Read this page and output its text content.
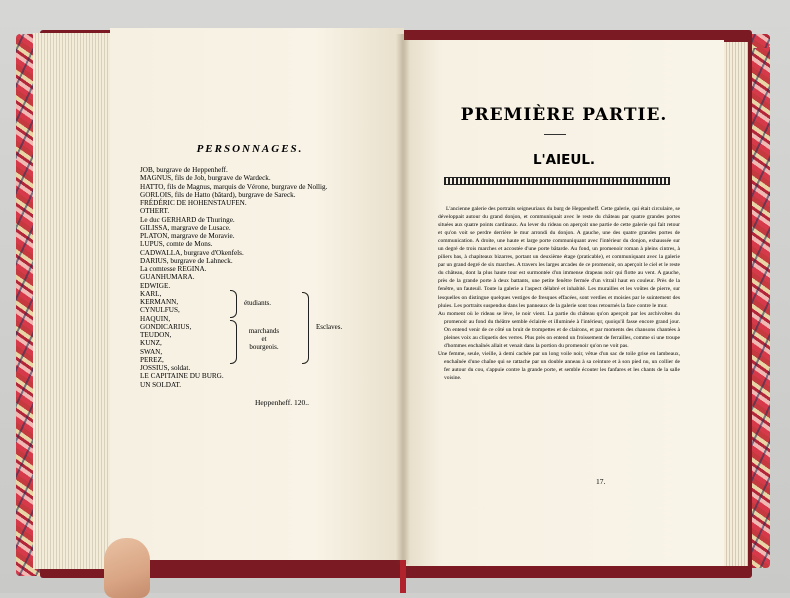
PERSONNAGES.
JOB, burgrave de Heppenheff.
MAGNUS, fils de Job, burgrave de Wardeck.
HATTO, fils de Magnus, marquis de Vérone, burgrave de Nollig.
GORLOIS, fils de Hatto (bâtard), burgrave de Sareck.
FRÉDÉRIC DE HOHENSTAUFEN.
OTHERT.
Le duc GERHARD de Thuringe.
GILISSA, margrave de Lusace.
PLATON, margrave de Moravie.
LUPUS, comte de Mons.
CADWALLA, burgrave d'Okenfels.
DARIUS, burgrave de Lahneck.
La comtesse REGINA.
GUANHUMARA.
EDWIGE.
KARL,
KERMANN,
CYNULFUS,
HAQUIN,
GONDICARIUS,
TEUDON,
KUNZ,
SWAN,
PEREZ,
JOSSIUS, soldat.
LE CAPITAINE DU BURG.
UN SOLDAT.
étudiants.
marchands
et
bourgeois.
Esclaves.
Heppenheff. 120..
PREMIÈRE PARTIE.
L'AIEUL.

L'ancienne galerie des portraits seigneuriaux du burg de Heppenheff. Cette galerie, qui était circulaire, se développait autour du grand donjon, et communiquait avec le reste du château par quatre grandes portes situées aux quatre points cardinaux. Au lever du rideau on aperçoit une partie de cette galerie qui fait retour et qu'on voit se perdre derrière le mur arrondi du donjon. A gauche, une des quatre grandes portes de communication. A droite, une haute et large porte communiquant avec l'intérieur du donjon, exhaussée sur un degré de trois marches et accostée d'une porte bâtarde. Au fond, un promenoir roman à pleins cintres, à piliers bas, à chapiteaux bizarres, portant un deuxième étage (praticable), et communiquant avec la galerie par un grand degré de six marches. A travers les larges arcades de ce promenoir, on aperçoit le ciel et le reste du château, dont la plus haute tour est surmontée d'un immense drapeau noir qui flotte au vent. A gauche, près de la grande porte à deux battants, une petite fenêtre fermée d'un vitrail haut en couleur. Près de la fenêtre, un fauteuil. Toute la galerie a l'aspect délabré et inhabité. Les murailles et les voûtes de pierre, sur lesquelles on distingue quelques vestiges de fresques effacées, sont verdies et moisies par le suintement des pluies. Les portraits suspendus dans les panneaux de la galerie sont tous retournés la face contre le mur.

Au moment où le rideau se lève, le noir vient. La partie du château qu'on aperçoit par les archivoltes du promenoir au fond du théâtre semble éclairée et illuminée à l'intérieur, quoiqu'il fasse encore grand jour. On entend venir de ce côté un bruit de trompettes et de clairons, et par moments des chansons chantées à pleines voix au cliquetis des verres. Plus près on entend un froissement de ferrailles, comme si une troupe d'hommes enchaînés allait et venait dans la portion du promenoir qu'on ne voit pas.

Une femme, seule, vieille, à demi cachée par un long voile noir, vêtue d'un sac de toile grise en lambeaux, enchaînée d'une chaîne qui se rattache par un double anneau à sa ceinture et à son pied nu, un collier de fer autour du cou, s'appuie contre la grande porte, et semble écouter les fanfares et les chants de la salle voisine.

17.
